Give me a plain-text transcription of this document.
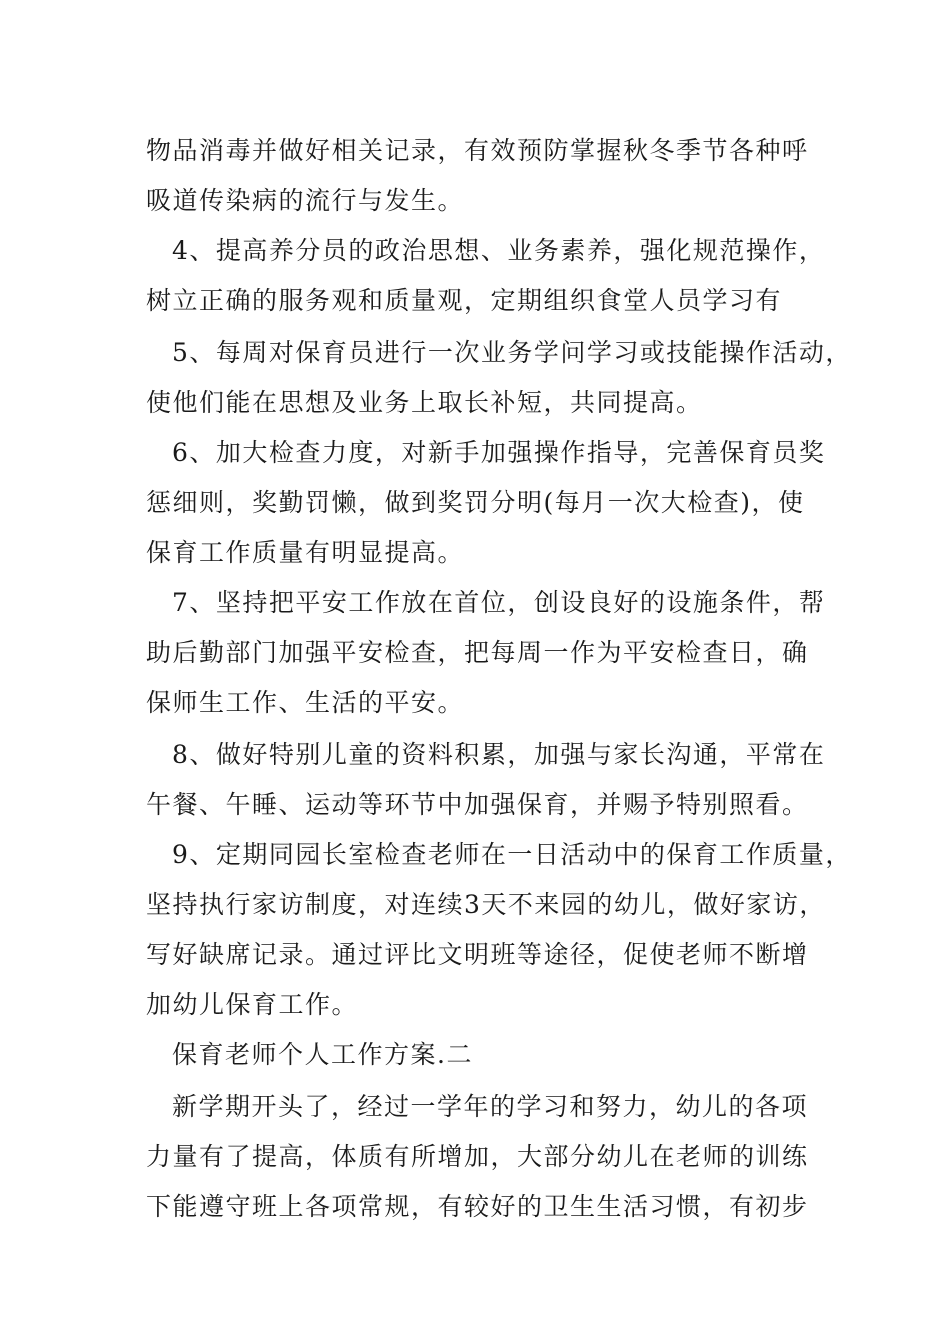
物品消毒并做好相关记录，有效预防掌握秋冬季节各种呼
吸道传染病的流行与发生。
4、提高养分员的政治思想、业务素养，强化规范操作，
树立正确的服务观和质量观，定期组织食堂人员学习有
5、每周对保育员进行一次业务学问学习或技能操作活动，
使他们能在思想及业务上取长补短，共同提高。
6、加大检查力度，对新手加强操作指导，完善保育员奖
惩细则，奖勤罚懒，做到奖罚分明(每月一次大检查)，使
保育工作质量有明显提高。
7、坚持把平安工作放在首位，创设良好的设施条件，帮
助后勤部门加强平安检查，把每周一作为平安检查日，确
保师生工作、生活的平安。
8、做好特别儿童的资料积累，加强与家长沟通，平常在
午餐、午睡、运动等环节中加强保育，并赐予特别照看。
9、定期同园长室检查老师在一日活动中的保育工作质量，
坚持执行家访制度，对连续3天不来园的幼儿，做好家访，
写好缺席记录。通过评比文明班等途径，促使老师不断增
加幼儿保育工作。
保育老师个人工作方案.二
新学期开头了，经过一学年的学习和努力，幼儿的各项
力量有了提高，体质有所增加，大部分幼儿在老师的训练
下能遵守班上各项常规，有较好的卫生生活习惯，有初步
